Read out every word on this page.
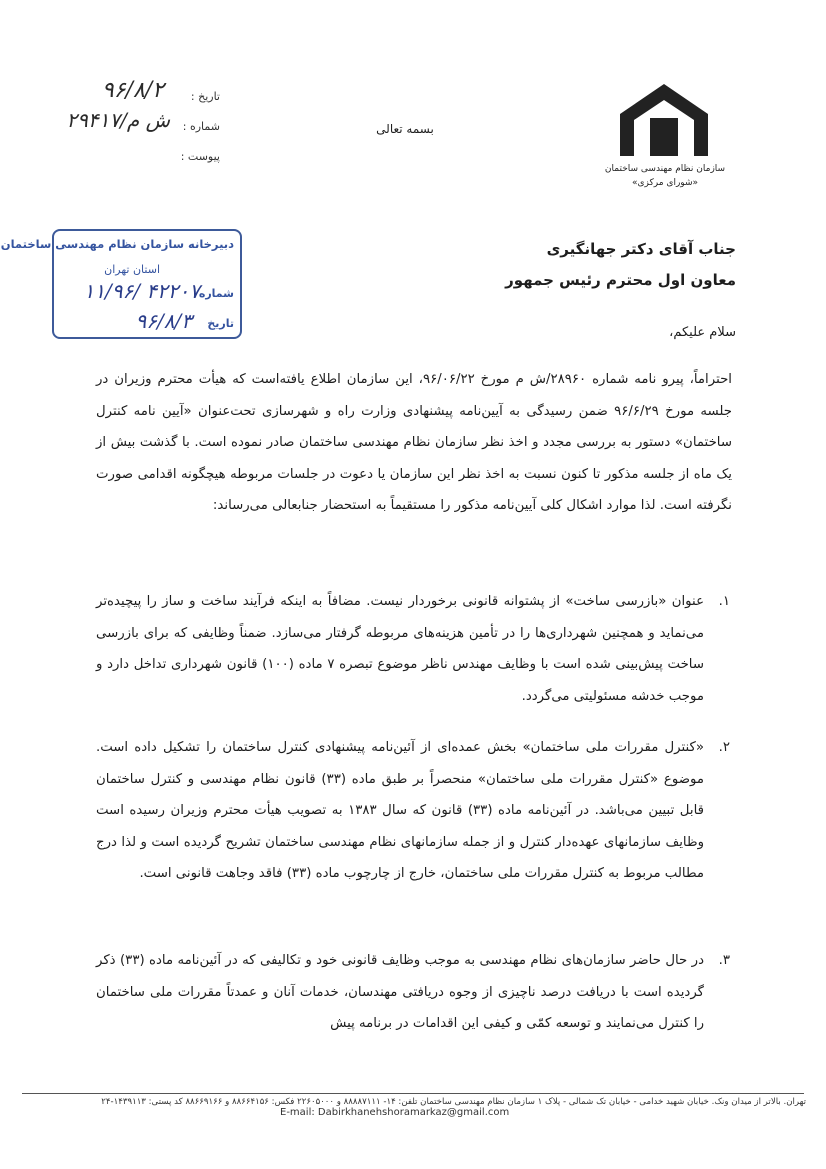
سازمان نظام مهندسی ساختمان
«شورای مرکزی»
بسمه تعالی
تاریخ :
شماره :
پیوست :
۹۶/۸/۲
۲۹۴۱۷/ش م
دبیرخانه سازمان نظام مهندسی ساختمان
استان تهران
شماره
تاریخ
۱۱/۹۶/ ۴۲۲۰۷
۹۶/۸/۳
جناب آقای دکتر جهانگیری
معاون اول محترم رئیس جمهور
سلام علیکم،
احتراماً، پیرو نامه شماره ۲۸۹۶۰/ش م مورخ ۹۶/۰۶/۲۲، این سازمان اطلاع یافته‌است که هیأت محترم وزیران در جلسه مورخ ۹۶/۶/۲۹ ضمن رسیدگی به آیین‌نامه پیشنهادی وزارت راه و شهرسازی تحت‌عنوان «آیین نامه کنترل ساختمان» دستور به بررسی مجدد و اخذ نظر سازمان نظام مهندسی ساختمان صادر نموده است. با گذشت بیش از یک ماه از جلسه مذکور تا کنون نسبت به اخذ نظر این سازمان یا دعوت در جلسات مربوطه هیچگونه اقدامی صورت نگرفته است. لذا موارد اشکال کلی آیین‌نامه مذکور را مستقیماً به استحضار جنابعالی می‌رساند:
۱.
عنوان «بازرسی ساخت» از پشتوانه قانونی برخوردار نیست. مضافاً به اینکه فرآیند ساخت و ساز را پیچیده‌تر می‌نماید و همچنین شهرداری‌ها را در تأمین هزینه‌های مربوطه گرفتار می‌سازد. ضمناً وظایفی که برای بازرسی ساخت پیش‌بینی شده است با وظایف مهندس ناظر موضوع تبصره ۷ ماده (۱۰۰) قانون شهرداری تداخل دارد و موجب خدشه مسئولیتی می‌گردد.
۲.
«کنترل مقررات ملی ساختمان» بخش عمده‌ای از آئین‌نامه پیشنهادی کنترل ساختمان را تشکیل داده است. موضوع «کنترل مقررات ملی ساختمان» منحصراً بر طبق ماده (۳۳) قانون نظام مهندسی و کنترل ساختمان قابل تبیین می‌باشد. در آئین‌نامه ماده (۳۳) قانون که سال ۱۳۸۳ به تصویب هیأت محترم وزیران رسیده است وظایف سازمانهای عهده‌دار کنترل و از جمله سازمانهای نظام مهندسی ساختمان تشریح گردیده است و لذا درج مطالب مربوط به کنترل مقررات ملی ساختمان، خارج از چارچوب ماده (۳۳) فاقد وجاهت قانونی است.
۳.
در حال حاضر سازمان‌های نظام مهندسی به موجب وظایف قانونی خود و تکالیفی که در آئین‌نامه ماده (۳۳) ذکر گردیده است با دریافت درصد ناچیزی از وجوه دریافتی مهندسان، خدمات آنان و عمدتاً مقررات ملی ساختمان را کنترل می‌نمایند و توسعه کمّی و کیفی این اقدامات در برنامه پیش
تهران. بالاتر از میدان ونک. خیابان شهید خدامی - خیابان تک شمالی - پلاک ۱ سازمان نظام مهندسی ساختمان تلفن: ۱۴- ۸۸۸۸۷۱۱۱ و ۲۲۶۰۵۰۰۰ فکس: ۸۸۶۶۴۱۵۶ و ۸۸۶۶۹۱۶۶ کد پستی: ۱۴۳۹۱۱۳-۲۴
E-mail: Dabirkhanehshoramarkaz@gmail.com
